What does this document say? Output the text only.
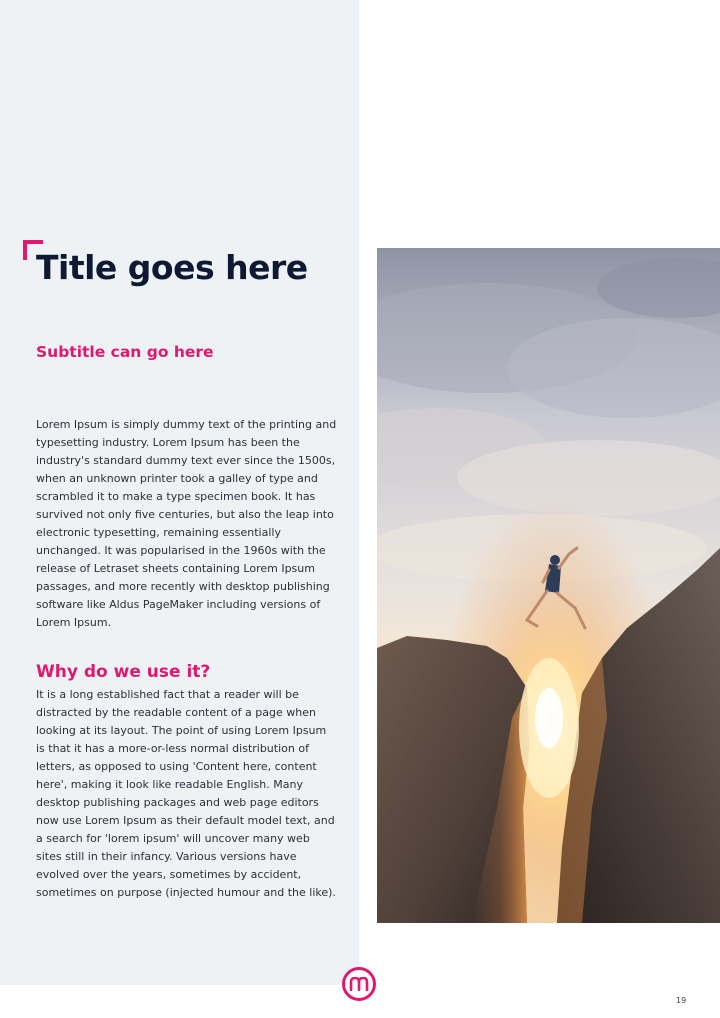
Title goes here
Subtitle can go here

Lorem Ipsum is simply dummy text of the printing and typesetting industry. Lorem Ipsum has been the industry's standard dummy text ever since the 1500s, when an unknown printer took a galley of type and scrambled it to make a type specimen book. It has survived not only five centuries, but also the leap into electronic typesetting, remaining essentially unchanged. It was popularised in the 1960s with the release of Letraset sheets containing Lorem Ipsum passages, and more recently with desktop publishing software like Aldus PageMaker including versions of Lorem Ipsum.

Why do we use it?

It is a long established fact that a reader will be distracted by the readable content of a page when looking at its layout. The point of using Lorem Ipsum is that it has a more-or-less normal distribution of letters, as opposed to using 'Content here, content here', making it look like readable English. Many desktop publishing packages and web page editors now use Lorem Ipsum as their default model text, and a search for 'lorem ipsum' will uncover many web sites still in their infancy. Various versions have evolved over the years, sometimes by accident, sometimes on purpose (injected humour and the like).

19
